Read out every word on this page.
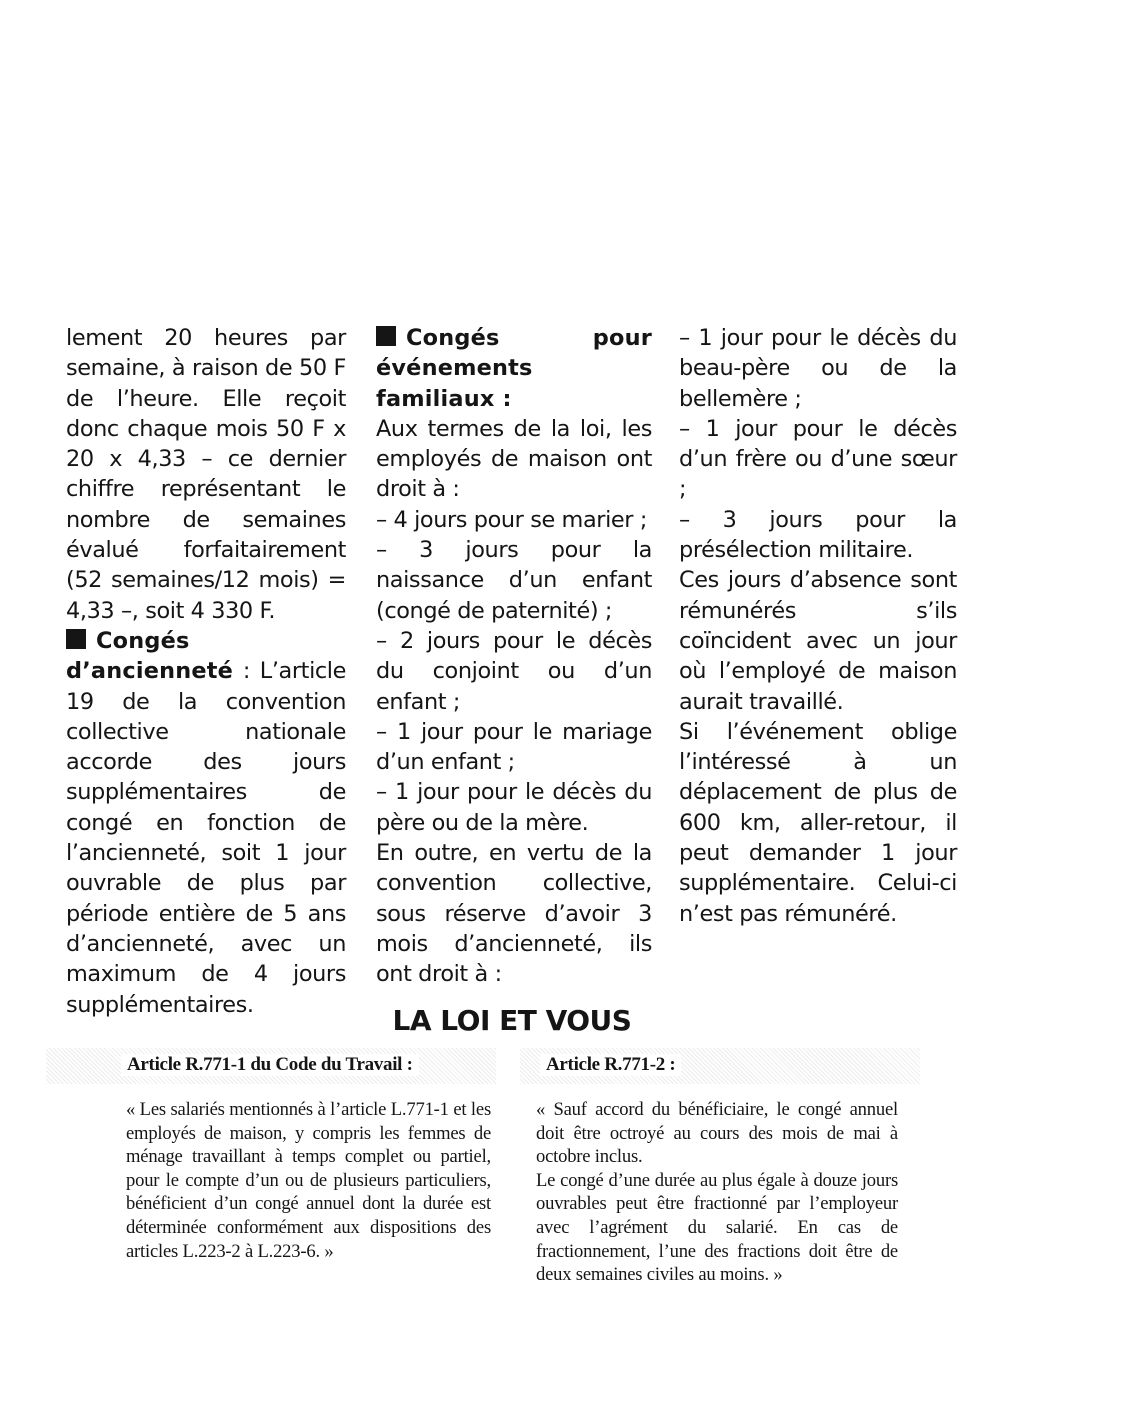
lement 20 heures par semaine, à raison de 50 F de l’heure. Elle reçoit donc chaque mois 50 F x 20 x 4,33 – ce dernier chiffre représentant le nombre de semaines évalué forfaitairement (52 semaines/12 mois) = 4,33 –, soit 4 330 F.

Congés d’ancienneté : L’article 19 de la convention collective nationale accorde des jours supplémentaires de congé en fonction de l’ancienneté, soit 1 jour ouvrable de plus par période entière de 5 ans d’ancienneté, avec un maximum de 4 jours supplémentaires.

Congés pour événements familiaux :

Aux termes de la loi, les employés de maison ont droit à :

– 4 jours pour se marier ;

– 3 jours pour la naissance d’un enfant (congé de paternité) ;

– 2 jours pour le décès du conjoint ou d’un enfant ;

– 1 jour pour le mariage d’un enfant ;

– 1 jour pour le décès du père ou de la mère.

En outre, en vertu de la convention collective, sous réserve d’avoir 3 mois d’ancienneté, ils ont droit à :

– 1 jour pour le décès du beau-père ou de la bellemère ;

– 1 jour pour le décès d’un frère ou d’une sœur ;

– 3 jours pour la présélection militaire.

Ces jours d’absence sont rémunérés s’ils coïncident avec un jour où l’employé de maison aurait travaillé.

Si l’événement oblige l’intéressé à un déplacement de plus de 600 km, aller-retour, il peut demander 1 jour supplémentaire. Celui-ci n’est pas rémunéré.

LA LOI ET VOUS
Article R.771-1 du Code du Travail :	Article R.771-2 :

« Les salariés mentionnés à l’article L.771-1 et les employés de maison, y compris les femmes de ménage travaillant à temps complet ou partiel, pour le compte d’un ou de plusieurs particuliers, bénéficient d’un congé annuel dont la durée est déterminée conformément aux dispositions des articles L.223-2 à L.223-6. »

« Sauf accord du bénéficiaire, le congé annuel doit être octroyé au cours des mois de mai à octobre inclus.

Le congé d’une durée au plus égale à douze jours ouvrables peut être fractionné par l’employeur avec l’agrément du salarié. En cas de fractionnement, l’une des fractions doit être de deux semaines civiles au moins. »
